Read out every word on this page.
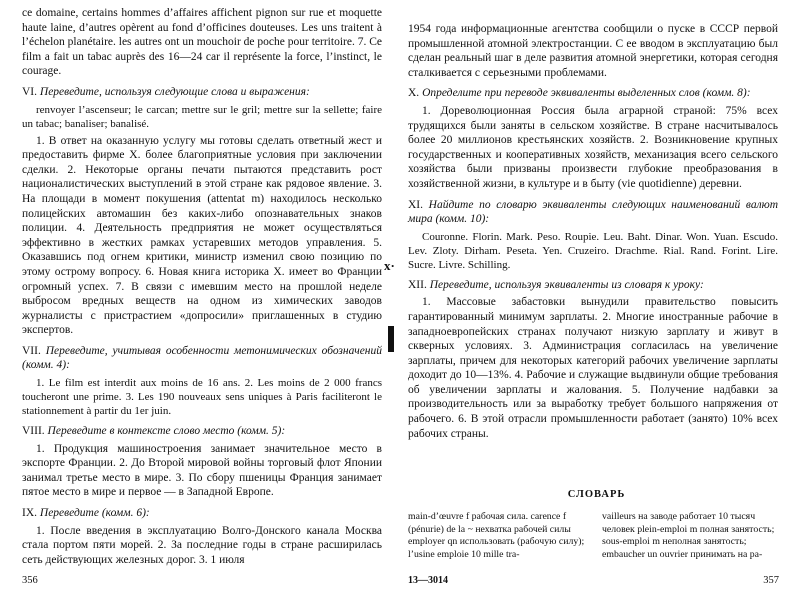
ce domaine, certains hommes d’affaires affichent pignon sur rue et moquette haute laine, d’autres opèrent au fond d’officines douteuses. Les uns traitent à l’échelon planétaire. les autres ont un mouchoir de poche pour territoire. 7. Ce film a fait un tabac auprès des 16—24 car il représente la force, l’instinct, le courage.

VI. Переведите, используя следующие слова и выражения:

renvoyer l’ascenseur; le carcan; mettre sur le gril; mettre sur la sellette; faire un tabac; banaliser; banalisé.

1. В ответ на оказанную услугу мы готовы сделать ответный жест и предоставить фирме X. более благоприятные условия при заключении сделки. 2. Некоторые органы печати пытаются представить рост националистических выступлений в этой стране как рядовое явление. 3. На площади в момент покушения (attentat m) находилось несколько полицейских автомашин без каких-либо опознавательных знаков полиции. 4. Деятельность предприятия не может осуществляться эффективно в жестких рамках устаревших методов управления. 5. Оказавшись под огнем критики, министр изменил свою позицию по этому острому вопросу. 6. Новая книга историка X. имеет во Франции огромный успех. 7. В связи с имевшим место на прошлой неделе выбросом вредных веществ на одном из химических заводов журналисты с пристрастием «допросили» приглашенных в студию экспертов.

VII. Переведите, учитывая особенности метонимических обозначений (комм. 4):

1. Le film est interdit aux moins de 16 ans. 2. Les moins de 2 000 francs toucheront une prime. 3. Les 190 nouveaux sens uniques à Paris faciliteront le stationnement à partir du 1er juin.

VIII. Переведите в контексте слово место (комм. 5):

1. Продукция машиностроения занимает значительное место в экспорте Франции. 2. До Второй мировой войны торговый флот Японии занимал третье место в мире. 3. По сбору пшеницы Франция занимает пятое место в мире и первое — в Западной Европе.

IX. Переведите (комм. 6):

1. После введения в эксплуатацию Волго-Донского канала Москва стала портом пяти морей. 2. За последние годы в стране расширилась сеть действующих железных дорог. 3. 1 июля

356
x·

1954 года информационные агентства сообщили о пуске в СССР первой промышленной атомной электростанции. С ее вводом в эксплуатацию был сделан реальный шаг в деле развития атомной энергетики, которая сегодня сталкивается с серьезными проблемами.

X. Определите при переводе эквиваленты выделенных слов (комм. 8):

1. Дореволюционная Россия была аграрной страной: 75% всех трудящихся были заняты в сельском хозяйстве. В стране насчитывалось более 20 миллионов крестьянских хозяйств. 2. Возникновение крупных государственных и кооперативных хозяйств, механизация всего сельского хозяйства были призваны произвести глубокие преобразования в хозяйственной жизни, в культуре и в быту (vie quotidienne) деревни.

XI. Найдите по словарю эквиваленты следующих наименований валют мира (комм. 10):

Couronne. Florin. Mark. Peso. Roupie. Leu. Baht. Dinar. Won. Yuan. Escudo. Lev. Zloty. Dirham. Peseta. Yen. Cruzeiro. Drachme. Rial. Rand. Forint. Lire. Sucre. Livre. Schilling.

XII. Переведите, используя эквиваленты из словаря к уроку:

1. Массовые забастовки вынудили правительство повысить гарантированный минимум зарплаты. 2. Многие иностранные рабочие в западноевропейских странах получают низкую зарплату и живут в скверных условиях. 3. Администрация согласилась на увеличение зарплаты, причем для некоторых категорий рабочих увеличение зарплаты доходит до 10—13%. 4. Рабочие и служащие выдвинули общие требования об увеличении зарплаты и жалования. 5. Получение надбавки за производительность или за выработку требует большого напряжения от рабочего. 6. В этой отрасли промышленности работает (занято) 10% всех рабочих страны.

СЛОВАРЬ
main-d’œuvre f рабочая сила. carence f (pénurie) de la ~ нехватка рабочей силы employer qn использовать (рабочую силу); l’usine emploie 10 mille tra-
vailleurs на заводе работает 10 тысяч человек plein-emploi m полная занятость; sous-emploi m неполная занятость; embaucher un ouvrier принимать на ра-
13—3014	357
